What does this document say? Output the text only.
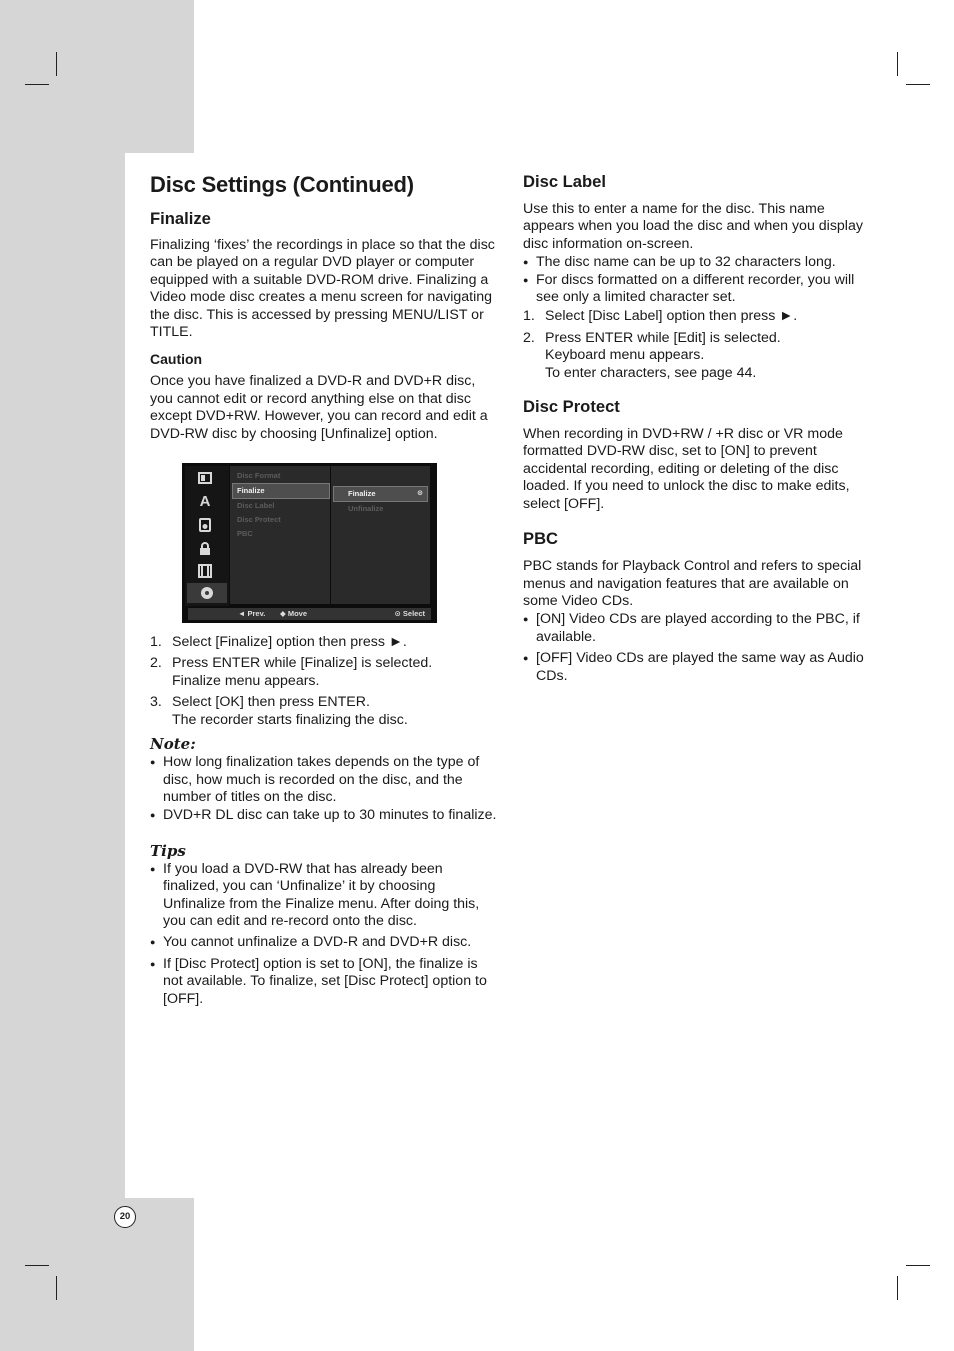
Disc Settings (Continued)
Finalize

Finalizing ‘fixes’ the recordings in place so that the disc can be played on a regular DVD player or computer equipped with a suitable DVD-ROM drive. Finalizing a Video mode disc creates a menu screen for navigating the disc. This is accessed by pressing MENU/LIST or TITLE.

Caution

Once you have finalized a DVD-R and DVD+R disc, you cannot edit or record anything else on that disc except DVD+RW. However, you can record and edit a DVD-RW disc by choosing [Unfinalize] option.

A
Disc Format
Finalize
Disc Label
Disc Protect
PBC
Finalize	⊙
Unfinalize
◄ Prev. ◆ Move	⊙ Select
1. Select [Finalize] option then press ►.
2. Press ENTER while [Finalize] is selected.
Finalize menu appears.
3. Select [OK] then press ENTER.
The recorder starts finalizing the disc.
Note:
● How long finalization takes depends on the type of disc, how much is recorded on the disc, and the number of titles on the disc.
● DVD+R DL disc can take up to 30 minutes to finalize.
Tips
● If you load a DVD-RW that has already been finalized, you can ‘Unfinalize’ it by choosing Unfinalize from the Finalize menu. After doing this, you can edit and re-record onto the disc.
● You cannot unfinalize a DVD-R and DVD+R disc.
● If [Disc Protect] option is set to [ON], the finalize is not available. To finalize, set [Disc Protect] option to [OFF].
Disc Label

Use this to enter a name for the disc. This name appears when you load the disc and when you display disc information on-screen.

● The disc name can be up to 32 characters long.
● For discs formatted on a different recorder, you will see only a limited character set.
1. Select [Disc Label] option then press ►.
2. Press ENTER while [Edit] is selected.
Keyboard menu appears.
To enter characters, see page 44.
Disc Protect

When recording in DVD+RW / +R disc or VR mode formatted DVD-RW disc, set to [ON] to prevent accidental recording, editing or deleting of the disc loaded. If you need to unlock the disc to make edits, select [OFF].

PBC

PBC stands for Playback Control and refers to special menus and navigation features that are available on some Video CDs.

● [ON] Video CDs are played according to the PBC, if available.
● [OFF] Video CDs are played the same way as Audio CDs.
20
